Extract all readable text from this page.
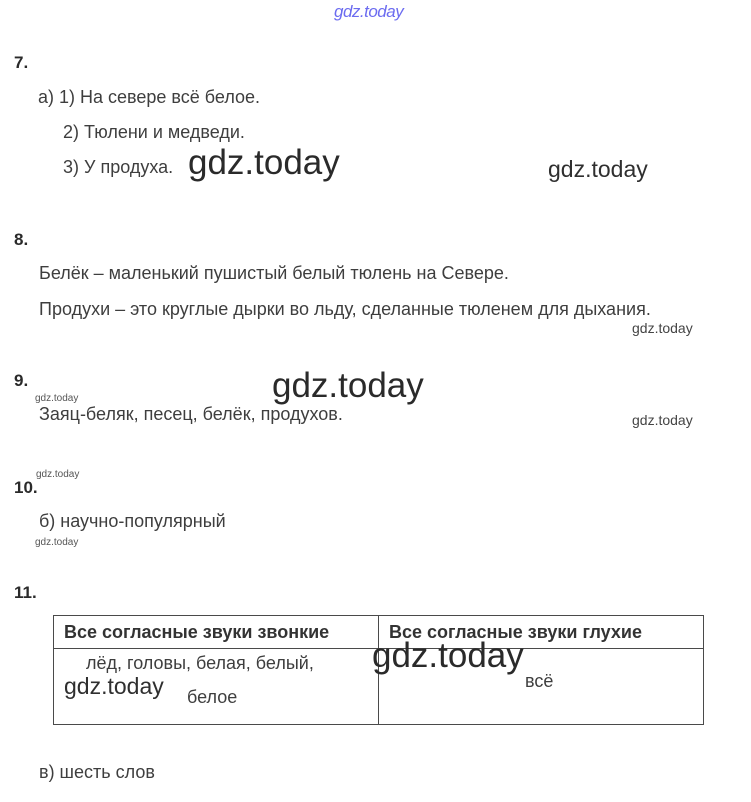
gdz.today
7.
а) 1) На севере всё белое.
2) Тюлени и медведи.
3) У продуха. gdz.today	gdz.today
8.
Белёк – маленький пушистый белый тюлень на Севере.
Продухи – это круглые дырки во льду, сделанные тюленем для дыхания.
gdz.today
9.	gdz.today
gdz.today
Заяц-беляк, песец, белёк, продухов.	gdz.today
gdz.today
10.
б) научно-популярный
gdz.today
11.
Все согласные звуки звонкие	Все согласные звуки глухие

лёд, головы, белая, белый,
gdz.today белое	всё
gdz.today
в) шесть слов
